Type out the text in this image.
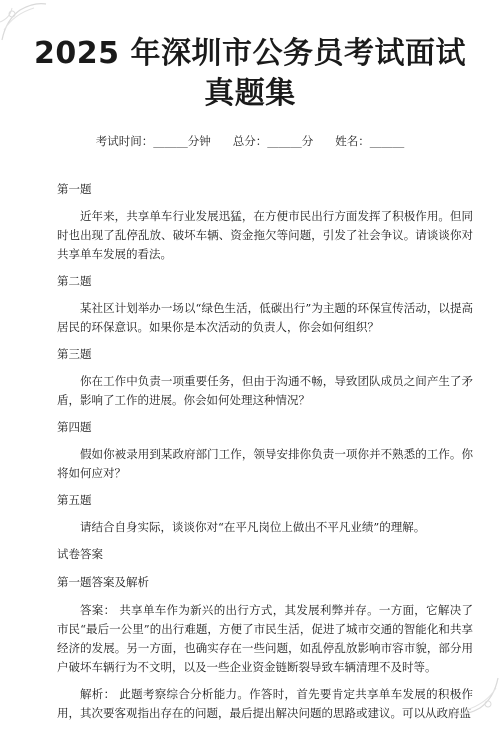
2025 年深圳市公务员考试面试真题集
考试时间：______分钟 总分：______分 姓名：______
第一题
近年来，共享单车行业发展迅猛，在方便市民出行方面发挥了积极作用。但同时也出现了乱停乱放、破坏车辆、资金拖欠等问题，引发了社会争议。请谈谈你对共享单车发展的看法。
第二题
某社区计划举办一场以“绿色生活，低碳出行”为主题的环保宣传活动，以提高居民的环保意识。如果你是本次活动的负责人，你会如何组织？
第三题
你在工作中负责一项重要任务，但由于沟通不畅，导致团队成员之间产生了矛盾，影响了工作的进展。你会如何处理这种情况？
第四题
假如你被录用到某政府部门工作，领导安排你负责一项你并不熟悉的工作。你将如何应对？
第五题
请结合自身实际，谈谈你对“在平凡岗位上做出不平凡业绩”的理解。
试卷答案
第一题答案及解析
答案： 共享单车作为新兴的出行方式，其发展利弊并存。一方面，它解决了市民“最后一公里”的出行难题，方便了市民生活，促进了城市交通的智能化和共享经济的发展。另一方面，也确实存在一些问题，如乱停乱放影响市容市貌，部分用户破坏车辆行为不文明，以及一些企业资金链断裂导致车辆清理不及时等。
解析： 此题考察综合分析能力。作答时，首先要肯定共享单车发展的积极作用，其次要客观指出存在的问题，最后提出解决问题的思路或建议。可以从政府监
